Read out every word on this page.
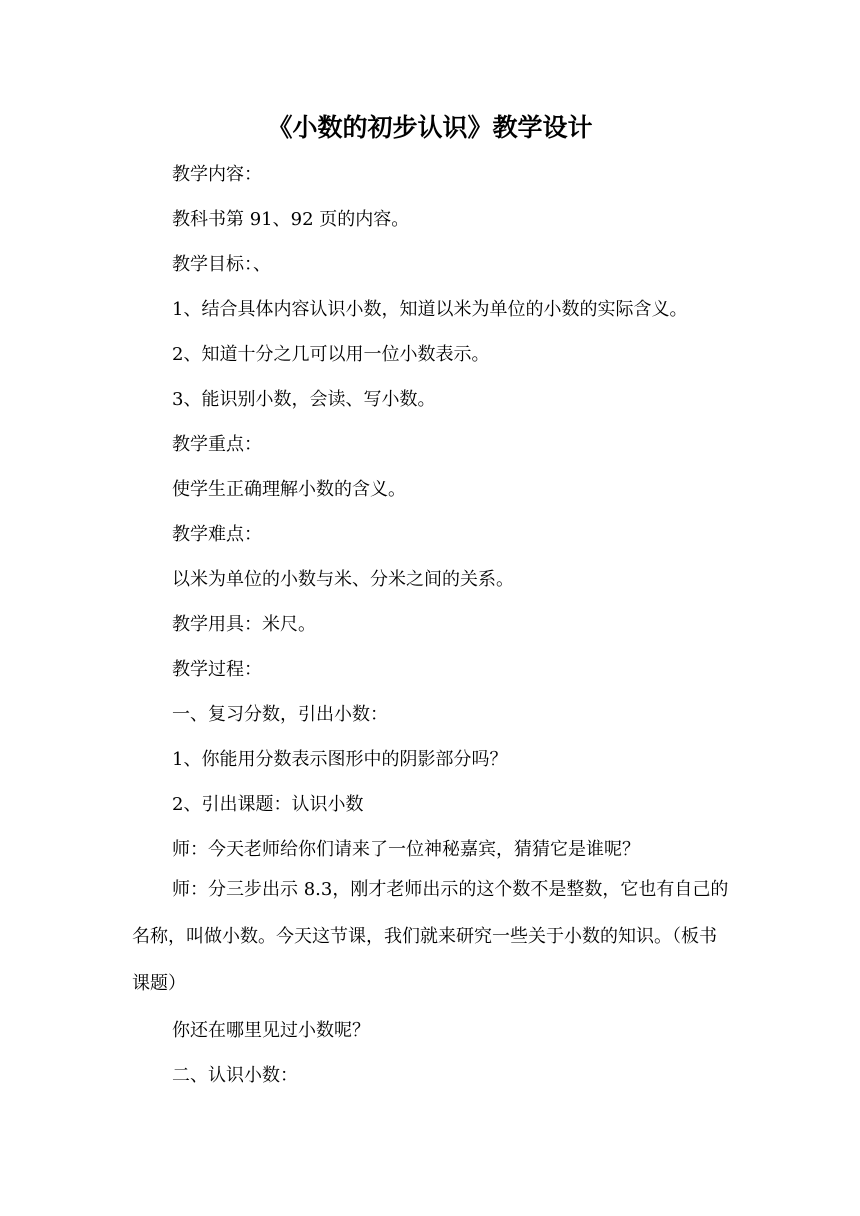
《小数的初步认识》教学设计
教学内容：
教科书第 91、92 页的内容。
教学目标：、
1、结合具体内容认识小数，知道以米为单位的小数的实际含义。
2、知道十分之几可以用一位小数表示。
3、能识别小数，会读、写小数。
教学重点：
使学生正确理解小数的含义。
教学难点：
以米为单位的小数与米、分米之间的关系。
教学用具：米尺。
教学过程：
一、复习分数，引出小数：
1、你能用分数表示图形中的阴影部分吗？
2、引出课题：认识小数
师：今天老师给你们请来了一位神秘嘉宾，猜猜它是谁呢？
师：分三步出示 8.3，刚才老师出示的这个数不是整数，它也有自己的名称，叫做小数。今天这节课，我们就来研究一些关于小数的知识。（板书课题）
你还在哪里见过小数呢？
二、认识小数：
